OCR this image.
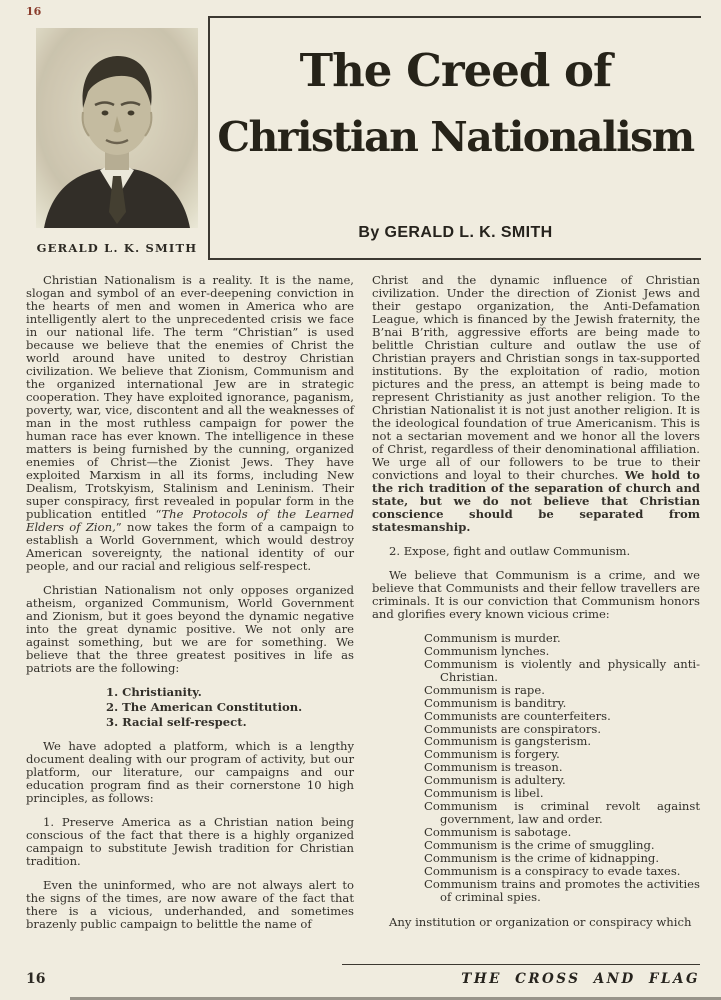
16
GERALD L. K. SMITH
The Creed of
Christian Nationalism
By GERALD L. K. SMITH

Christian Nationalism is a reality. It is the name, slogan and symbol of an ever-deepening conviction in the hearts of men and women in America who are intelligently alert to the unprecedented crisis we face in our national life. The term “Christian” is used because we believe that the enemies of Christ the world around have united to destroy Christian civilization. We believe that Zionism, Communism and the organized international Jew are in strategic cooperation. They have exploited ignorance, paganism, poverty, war, vice, discontent and all the weaknesses of man in the most ruthless campaign for power the human race has ever known. The intelligence in these matters is being furnished by the cunning, organized enemies of Christ—the Zionist Jews. They have exploited Marxism in all its forms, including New Dealism, Trotskyism, Stalinism and Leninism. Their super conspiracy, first revealed in popular form in the publication entitled “The Protocols of the Learned Elders of Zion,” now takes the form of a campaign to establish a World Government, which would destroy American sovereignty, the national identity of our people, and our racial and religious self-respect.

Christian Nationalism not only opposes organized atheism, organized Communism, World Government and Zionism, but it goes beyond the dynamic negative into the great dynamic positive. We not only are against something, but we are for something. We believe that the three greatest positives in life as patriots are the following:

1. Christianity.
2. The American Constitution.
3. Racial self-respect.

We have adopted a platform, which is a lengthy document dealing with our program of activity, but our platform, our literature, our campaigns and our education program find as their cornerstone 10 high principles, as follows:

1. Preserve America as a Christian nation being conscious of the fact that there is a highly organized campaign to substitute Jewish tradition for Christian tradition.

Even the uninformed, who are not always alert to the signs of the times, are now aware of the fact that there is a vicious, underhanded, and sometimes brazenly public campaign to belittle the name of

Christ and the dynamic influence of Christian civilization. Under the direction of Zionist Jews and their gestapo organization, the Anti-Defamation League, which is financed by the Jewish fraternity, the B’nai B’rith, aggressive efforts are being made to belittle Christian culture and outlaw the use of Christian prayers and Christian songs in tax-supported institutions. By the exploitation of radio, motion pictures and the press, an attempt is being made to represent Christianity as just another religion. To the Christian Nationalist it is not just another religion. It is the ideological foundation of true Americanism. This is not a sectarian movement and we honor all the lovers of Christ, regardless of their denominational affiliation. We urge all of our followers to be true to their convictions and loyal to their churches. We hold to the rich tradition of the separation of church and state, but we do not believe that Christian conscience should be separated from statesmanship.

2. Expose, fight and outlaw Communism.

We believe that Communism is a crime, and we believe that Communists and their fellow travellers are criminals. It is our conviction that Communism honors and glorifies every known vicious crime:

Communism is murder.
Communism lynches.
Communism is violently and physically anti-Christian.
Communism is rape.
Communism is banditry.
Communists are counterfeiters.
Communists are conspirators.
Communism is gangsterism.
Communism is forgery.
Communism is treason.
Communism is adultery.
Communism is libel.
Communism is criminal revolt against government, law and order.
Communism is sabotage.
Communism is the crime of smuggling.
Communism is the crime of kidnapping.
Communism is a conspiracy to evade taxes.
Communism trains and promotes the activities of criminal spies.

Any institution or organization or conspiracy which

16	THE CROSS AND FLAG
